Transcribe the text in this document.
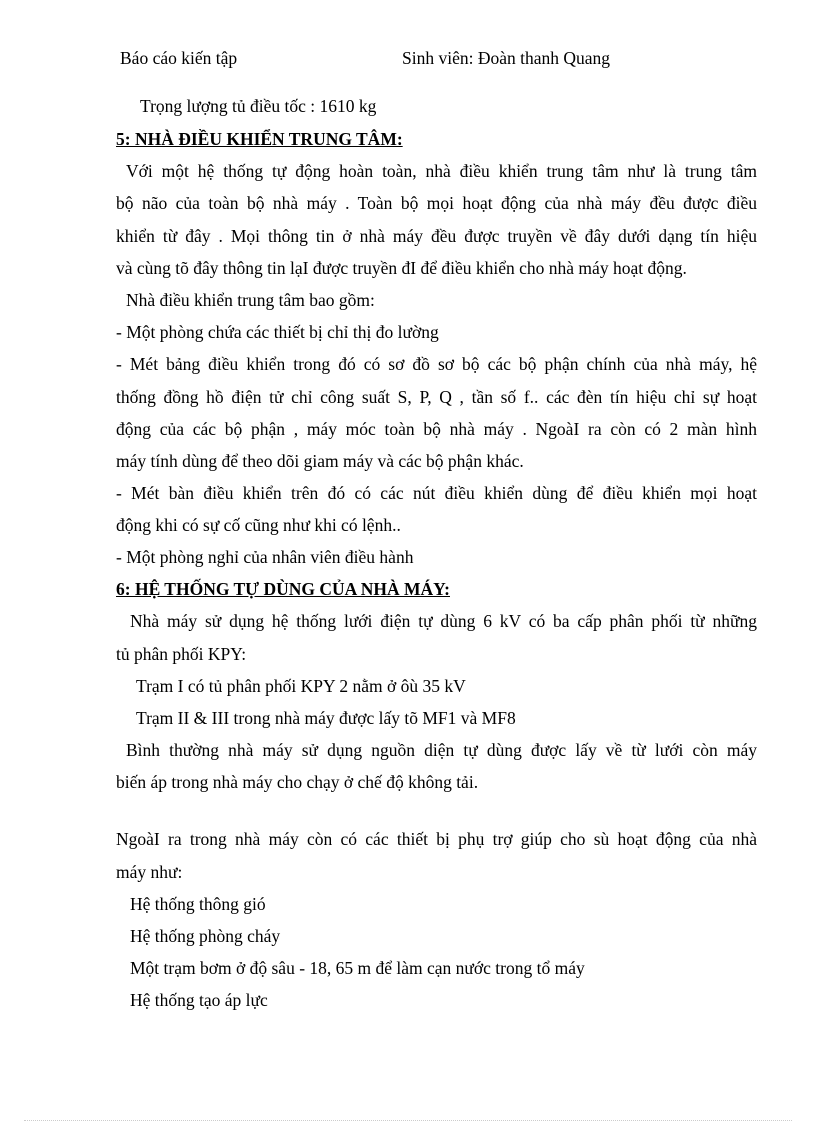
Báo cáo kiến tập	Sinh viên: Đoàn thanh Quang
Trọng lượng tủ điều tốc : 1610 kg
5: NHÀ ĐIỀU KHIỂN TRUNG TÂM:
Với một hệ thống tự động hoàn toàn, nhà điều khiển trung tâm như là trung tâm
bộ não của toàn bộ nhà máy . Toàn bộ mọi hoạt động của nhà máy đều được điều
khiển từ đây . Mọi thông tin ở nhà máy đều được truyền về đây dưới dạng tín hiệu
và cùng tõ đây thông tin lạI được truyền đI để điều khiển cho nhà máy hoạt động.
Nhà điều khiển trung tâm bao gồm:
- Một phòng chứa các thiết bị chỉ thị đo lường
- Mét bảng điều khiển trong đó có sơ đồ sơ bộ các bộ phận chính của nhà máy, hệ
thống đồng hồ điện tử chỉ công suất S, P, Q , tần số f.. các đèn tín hiệu chỉ sự hoạt
động của các bộ phận , máy móc toàn bộ nhà máy . NgoàI ra còn có 2 màn hình
máy tính dùng để theo dõi giam máy và các bộ phận khác.
- Mét bàn điều khiển trên đó có các nút điều khiển dùng để điều khiển mọi hoạt
động khi có sự cố cũng như khi có lệnh..
- Một phòng nghỉ của nhân viên điều hành
6: HỆ THỐNG TỰ DÙNG CỦA NHÀ MÁY:
Nhà máy sử dụng hệ thống lưới điện tự dùng 6 kV có ba cấp phân phối từ những
tủ phân phối KPY:
Trạm I có tủ phân phối KPY 2 nằm ở ôù 35 kV
Trạm II & III trong nhà máy được lấy tõ MF1 và MF8
Bình thường nhà máy sử dụng nguồn diện tự dùng được lấy về từ lưới còn máy
biến áp trong nhà máy cho chạy ở chế độ không tải.
NgoàI ra trong nhà máy còn có các thiết bị phụ trợ giúp cho sù hoạt động của nhà
máy như:
Hệ thống thông gió
Hệ thống phòng cháy
Một trạm bơm ở độ sâu - 18, 65 m để làm cạn nước trong tổ máy
Hệ thống tạo áp lực
